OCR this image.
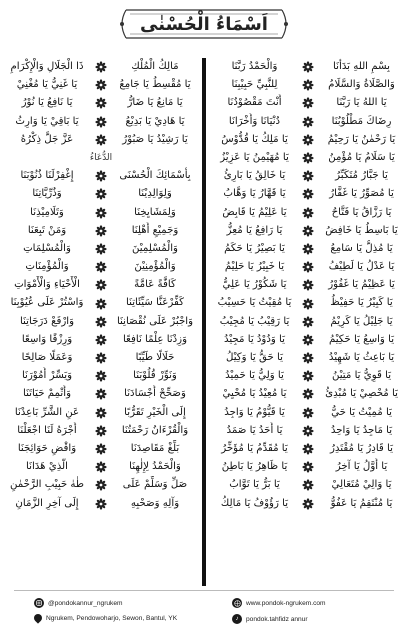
اَسْمَاءُ الْحُسْنٰى
بِسْمِ اللهِ بَدَأْنَا
وَالْحَمْدُ رَبَّنَا
وَالصَّلَاةُ وَالسَّلَامُ
لِلنَّبِيِّ حَبِيْبِنَا
يَا اللهُ يَا رَبَّنَا
أَنْتَ مَقْصُوْدُنَا
رِضَاكَ مَطْلُوْبُنَا
دُنْيَانَا وَأُخْرَانَا
يَا رَحْمٰنُ يَا رَحِيْمُ
يَا مَلِكُ يَا قُدُّوْسُ
يَا سَلَامُ يَا مُؤْمِنُ
يَا مُهَيْمِنُ يَا عَزِيْزُ
يَا جَبَّارُ مُتَكَبِّرُ
يَا خَالِقُ يَا بَارِئُ
يَا مُصَوِّرُ يَا غَفَّارُ
يَا قَهَّارُ يَا وَهَّابُ
يَا رَزَّاقُ يَا فَتَّاحُ
يَا عَلِيْمُ يَا قَابِضُ
يَا بَاسِطُ يَا خَافِضُ
يَا رَافِعُ يَا مُعِزُّ
يَا مُذِلُّ يَا سَامِعُ
يَا بَصِيْرُ يَا حَكَمُ
يَا عَدْلُ يَا لَطِيْفُ
يَا خَبِيْرُ يَا حَلِيْمُ
يَا عَظِيْمُ يَا غَفُوْرُ
يَا شَكُوْرُ يَا عَلِيُّ
يَا كَبِيْرُ يَا حَفِيْظُ
يَا مُقِيْتُ يَا حَسِيْبُ
يَا جَلِيْلُ يَا كَرِيْمُ
يَا رَقِيْبُ يَا مُجِيْبُ
يَا وَاسِعُ يَا حَكِيْمُ
يَا وَدُوْدُ يَا مَجِيْدُ
يَا بَاعِثُ يَا شَهِيْدُ
يَا حَقُّ يَا وَكِيْلُ
يَا قَوِيُّ يَا مَتِيْنُ
يَا وَلِيُّ يَا حَمِيْدُ
يَا مُحْصِيْ يَا مُبْدِئُ
يَا مُعِيْدُ يَا مُحْيِيْ
يَا مُمِيْتُ يَا حَيُّ
يَا قَيُّوْمُ يَا وَاجِدُ
يَا مَاجِدُ يَا وَاحِدُ
يَا أَحَدُ يَا صَمَدُ
يَا قَادِرُ يَا مُقْتَدِرُ
يَا مُقَدِّمُ يَا مُؤَخِّرُ
يَا أَوَّلُ يَا آخِرُ
يَا ظَاهِرُ يَا بَاطِنُ
يَا وَالِيْ مُتَعَالِيْ
يَا بَرُّ يَا تَوَّابُ
يَا مُنْتَقِمُ يَا عَفُوُّ
يَا رَؤُوْفُ يَا مَالِكُ
مَالِكُ الْمُلْكِ
ذَا الْجَلَالِ وَالْإِكْرَامِ
يَا مُقْسِطُ يَا جَامِعُ
يَا غَنِيُّ يَا مُغْنِيْ
يَا مَانِعُ يَا ضَارُّ
يَا نَافِعُ يَا نُوْرُ
يَا هَادِيْ يَا بَدِيْعُ
يَا بَاقِيْ يَا وَارِثُ
يَا رَشِيْدُ يَا صَبُوْرُ
عَزَّ جَلَّ ذِكْرُهُ
الدُّعَاءُ
بِأَسْمَائِكَ الْحُسْنَى
إِغْفِرْلَنَا ذُنُوْبَنَا
وَلِوَالِدِيْنَا
وَذُرِّيَّاتِنَا
وَلِمَشَايِخِنَا
وَتَلَامِيْذِنَا
وَجَمِيْعِ أَهْلِنَا
وَمَنْ تَبِعَنَا
وَالْمُسْلِمِيْنَ
وَالْمُسْلِمَاتِ
وَالْمُؤْمِنِيْنَ
وَالْمُؤْمِنَاتِ
كَافَّةً عَامَّةً
الْأَحْيَاءِ وَالْأَمْوَاتِ
كَفِّرْعَنَّا سَيِّئَاتِنَا
وَاسْتُرْ عَلَى عُيُوْبِنَا
وَاجْبُرْ عَلَى نُقْصَانِنَا
وَارْفَعْ دَرَجَاتِنَا
وَزِدْنَا عِلْمًا نَافِعًا
وَرِزْقًا وَاسِعًا
حَلَالًا طَيِّبًا
وَعَمَلًا صَالِحًا
وَنَوِّرْ قُلُوْبَنَا
وَيَسِّرْ أُمُوْرَنَا
وَصَحِّحْ أَجْسَادَنَا
وَأَتْمِمْ حَيَاتَنَا
إِلَى الْخَيْرِ تَقَرُّبًا
عَنِ الشَّرِّ بَاعِدْنَا
وَالْقُرْءَانُ رَحْمَتُنَا
أَجْرَهُ لَنَا اجْعَلْنَا
بَلِّغْ مَقَاصِدَنَا
وَاقْضِ حَوَائِجَنَا
وَالْحَمْدُ لِإِلٰهِنَا
الَّذِيْ هَدَانَا
صَلِّ وَسَلِّمْ عَلَى
طٰهٰ حَبِيْبِ الرَّحْمٰنِ
وَآلِهِ وَصَحْبِهِ
إِلَى آخِرِ الزَّمَانِ
@pondokannur_ngrukem
Ngrukem, Pendowoharjo, Sewon, Bantul, YK
www.pondok-ngrukem.com
♪	pondok.tahfidz annur
